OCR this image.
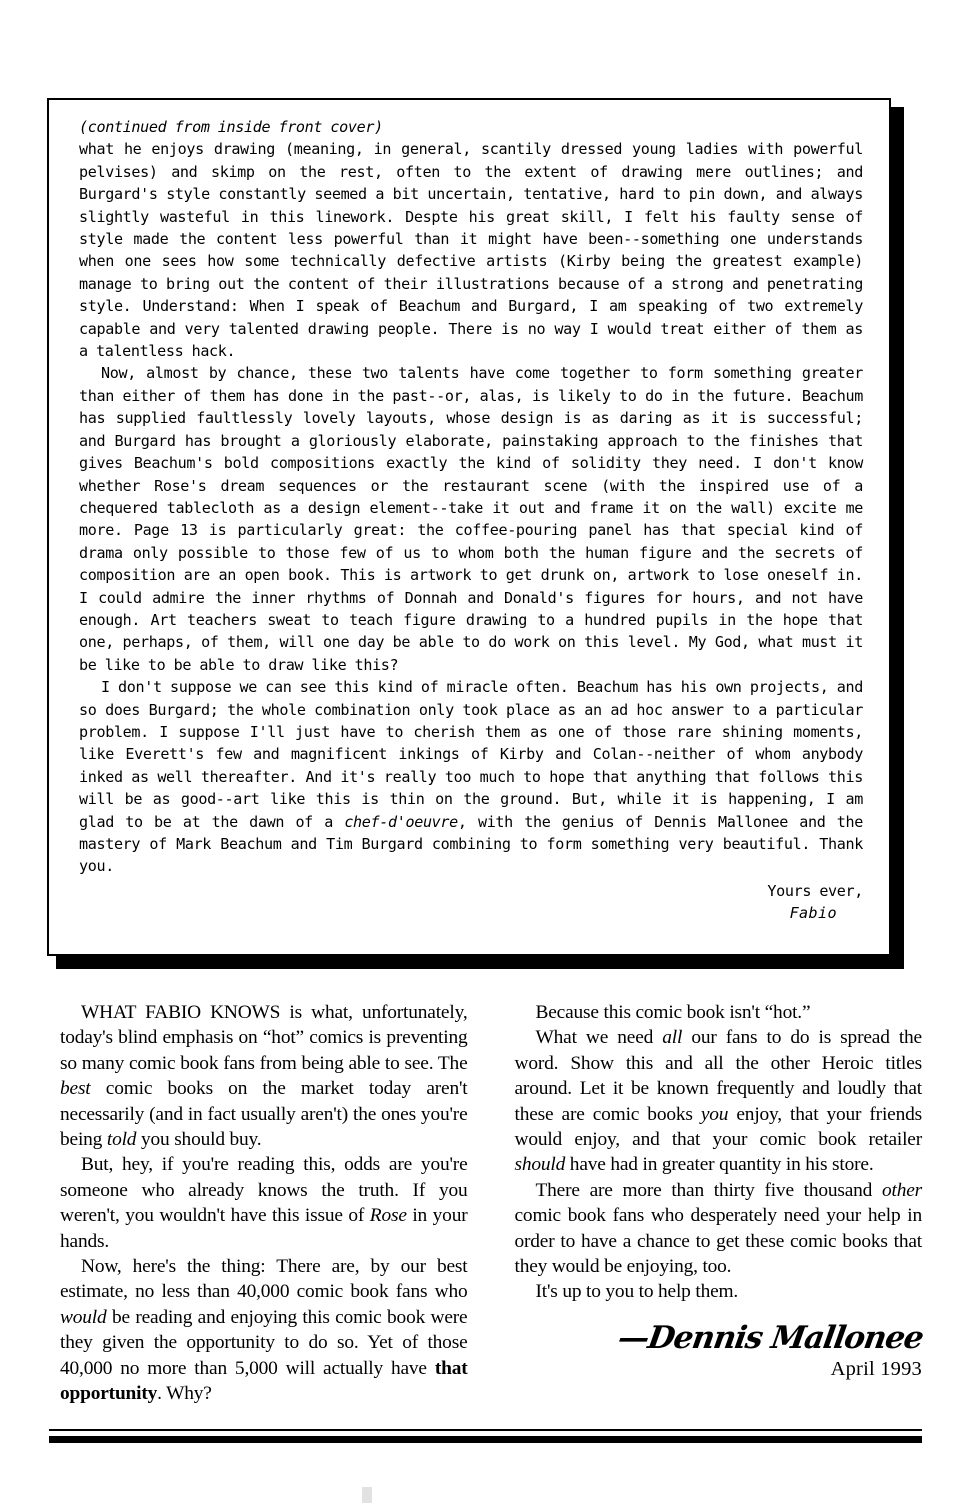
(continued from inside front cover)

what he enjoys drawing (meaning, in general, scantily dressed young ladies with powerful pelvises) and skimp on the rest, often to the extent of drawing mere outlines; and Burgard's style constantly seemed a bit uncertain, tentative, hard to pin down, and always slightly wasteful in this linework. Despte his great skill, I felt his faulty sense of style made the content less powerful than it might have been--something one understands when one sees how some technically defective artists (Kirby being the greatest example) manage to bring out the content of their illustrations because of a strong and penetrating style. Understand: When I speak of Beachum and Burgard, I am speaking of two extremely capable and very talented drawing people. There is no way I would treat either of them as a talentless hack.

Now, almost by chance, these two talents have come together to form something greater than either of them has done in the past--or, alas, is likely to do in the future. Beachum has supplied faultlessly lovely layouts, whose design is as daring as it is successful; and Burgard has brought a gloriously elaborate, painstaking approach to the finishes that gives Beachum's bold compositions exactly the kind of solidity they need. I don't know whether Rose's dream sequences or the restaurant scene (with the inspired use of a chequered tablecloth as a design element--take it out and frame it on the wall) excite me more. Page 13 is particularly great: the coffee-pouring panel has that special kind of drama only possible to those few of us to whom both the human figure and the secrets of composition are an open book. This is artwork to get drunk on, artwork to lose oneself in. I could admire the inner rhythms of Donnah and Donald's figures for hours, and not have enough. Art teachers sweat to teach figure drawing to a hundred pupils in the hope that one, perhaps, of them, will one day be able to do work on this level. My God, what must it be like to be able to draw like this?

I don't suppose we can see this kind of miracle often. Beachum has his own projects, and so does Burgard; the whole combination only took place as an ad hoc answer to a particular problem. I suppose I'll just have to cherish them as one of those rare shining moments, like Everett's few and magnificent inkings of Kirby and Colan--neither of whom anybody inked as well thereafter. And it's really too much to hope that anything that follows this will be as good--art like this is thin on the ground. But, while it is happening, I am glad to be at the dawn of a chef-d'oeuvre, with the genius of Dennis Mallonee and the mastery of Mark Beachum and Tim Burgard combining to form something very beautiful. Thank you.

Yours ever,
Fabio

WHAT FABIO KNOWS is what, unfortunately, today's blind emphasis on “hot” comics is preventing so many comic book fans from being able to see. The best comic books on the market today aren't necessarily (and in fact usually aren't) the ones you're being told you should buy.

But, hey, if you're reading this, odds are you're someone who already knows the truth. If you weren't, you wouldn't have this issue of Rose in your hands.

Now, here's the thing: There are, by our best estimate, no less than 40,000 comic book fans who would be reading and enjoying this comic book were they given the opportunity to do so. Yet of those 40,000 no more than 5,000 will actually have that opportunity. Why?

Because this comic book isn't “hot.”

What we need all our fans to do is spread the word. Show this and all the other Heroic titles around. Let it be known frequently and loudly that these are comic books you enjoy, that your friends would enjoy, and that your comic book retailer should have had in greater quantity in his store.

There are more than thirty five thousand other comic book fans who desperately need your help in order to have a chance to get these comic books that they would be enjoying, too.

It's up to you to help them.

—Dennis Mallonee
April 1993
